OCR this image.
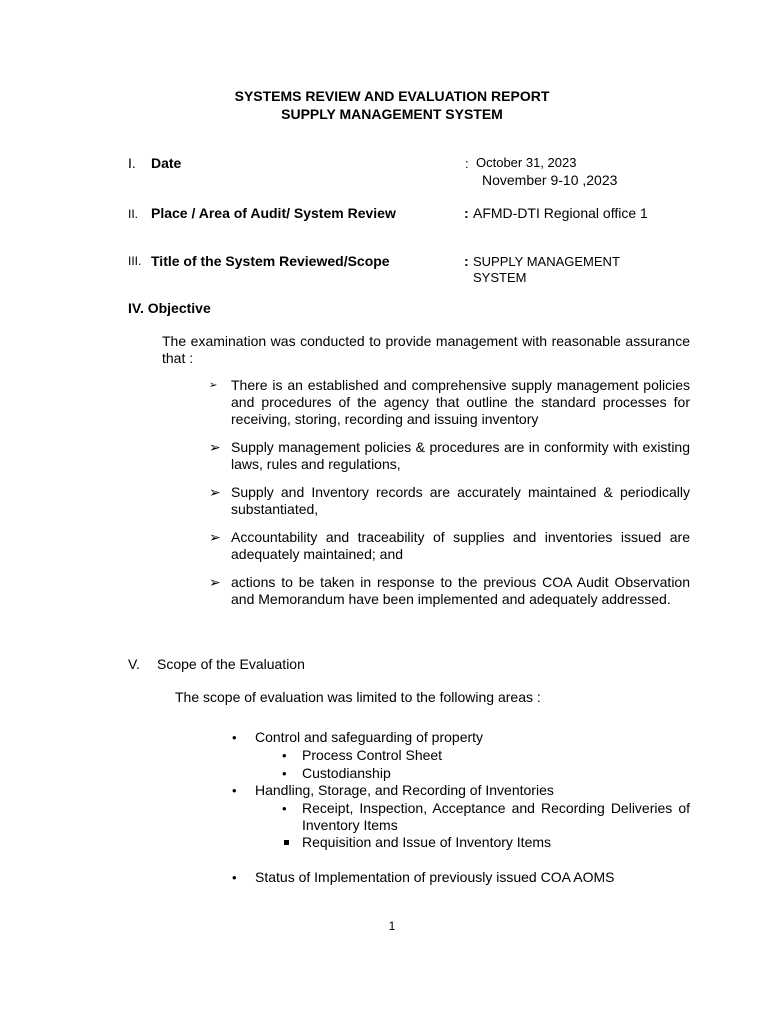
SYSTEMS REVIEW AND EVALUATION REPORT
SUPPLY MANAGEMENT SYSTEM
I. Date	: October 31, 2023
November 9-10 ,2023
II. Place / Area of Audit/ System Review	: AFMD-DTI Regional office 1
III. Title of the System Reviewed/Scope	: SUPPLY MANAGEMENT
SYSTEM
IV. Objective
The examination was conducted to provide management with reasonable assurance that :
➢ There is an established and comprehensive supply management policies and procedures of the agency that outline the standard processes for receiving, storing, recording and issuing inventory
➢ Supply management policies & procedures are in conformity with existing laws, rules and regulations,
➢ Supply and Inventory records are accurately maintained & periodically substantiated,
➢ Accountability and traceability of supplies and inventories issued are adequately maintained; and
➢ actions to be taken in response to the previous COA Audit Observation and Memorandum have been implemented and adequately addressed.
V. Scope of the Evaluation
The scope of evaluation was limited to the following areas :
• Control and safeguarding of property
• Process Control Sheet
• Custodianship
• Handling, Storage, and Recording of Inventories
• Receipt, Inspection, Acceptance and Recording Deliveries of Inventory Items
Requisition and Issue of Inventory Items
• Status of Implementation of previously issued COA AOMS
1
